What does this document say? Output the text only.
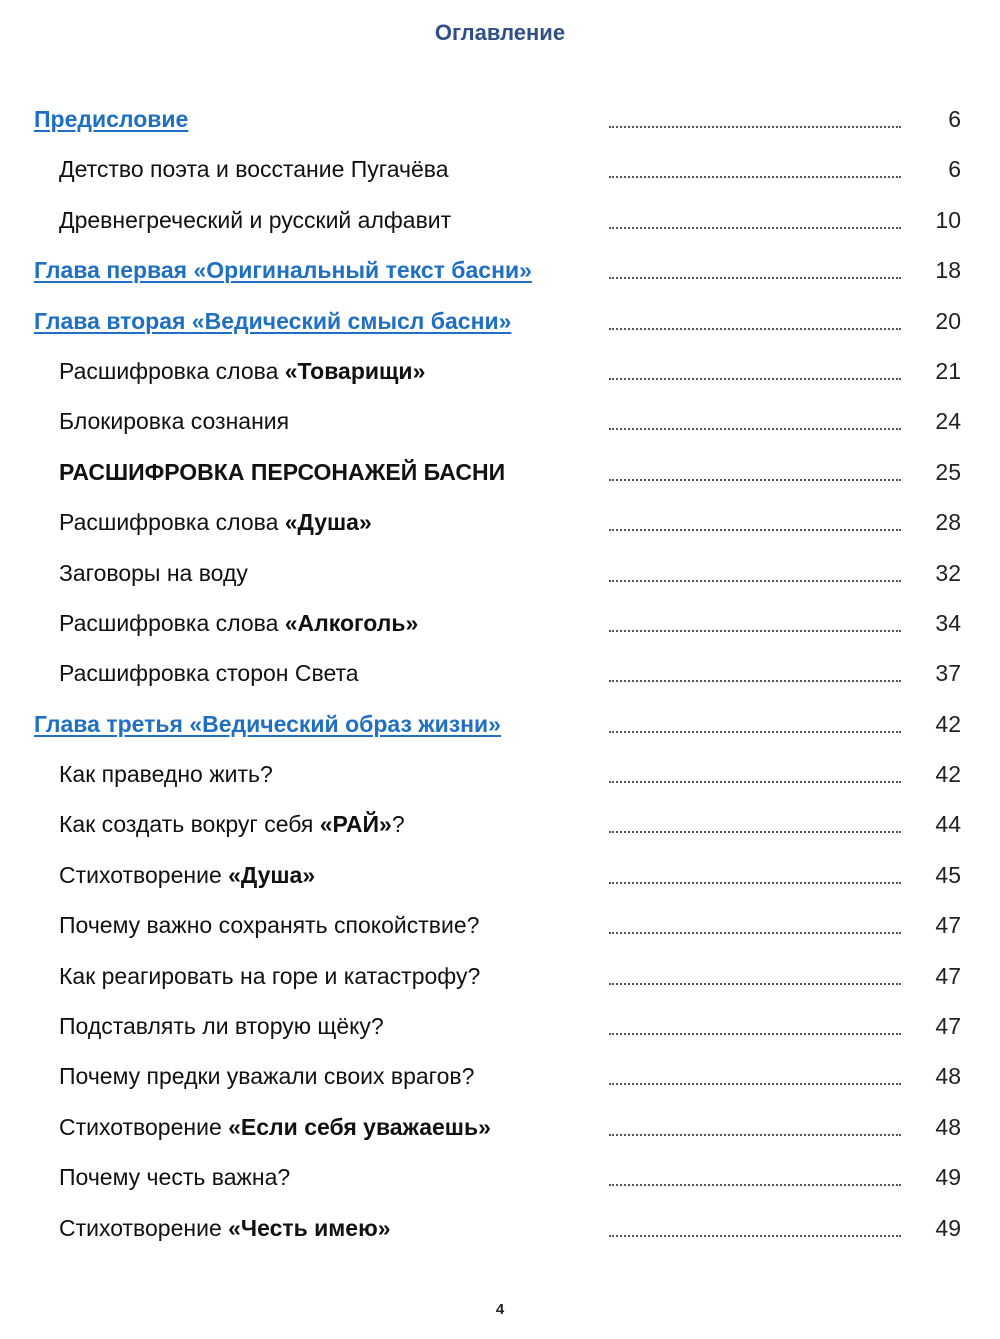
Оглавление
Предисловие	6
Детство поэта и восстание Пугачёва	6
Древнегреческий и русский алфавит	10
Глава первая «Оригинальный текст басни»	18
Глава вторая «Ведический смысл басни»	20
Расшифровка слова «Товарищи»	21
Блокировка сознания	24
РАСШИФРОВКА ПЕРСОНАЖЕЙ БАСНИ	25
Расшифровка слова «Душа»	28
Заговоры на воду	32
Расшифровка слова «Алкоголь»	34
Расшифровка сторон Света	37
Глава третья «Ведический образ жизни»	42
Как праведно жить?	42
Как создать вокруг себя «РАЙ»?	44
Стихотворение «Душа»	45
Почему важно сохранять спокойствие?	47
Как реагировать на горе и катастрофу?	47
Подставлять ли вторую щёку?	47
Почему предки уважали своих врагов?	48
Стихотворение «Если себя уважаешь»	48
Почему честь важна?	49
Стихотворение «Честь имею»	49
4
